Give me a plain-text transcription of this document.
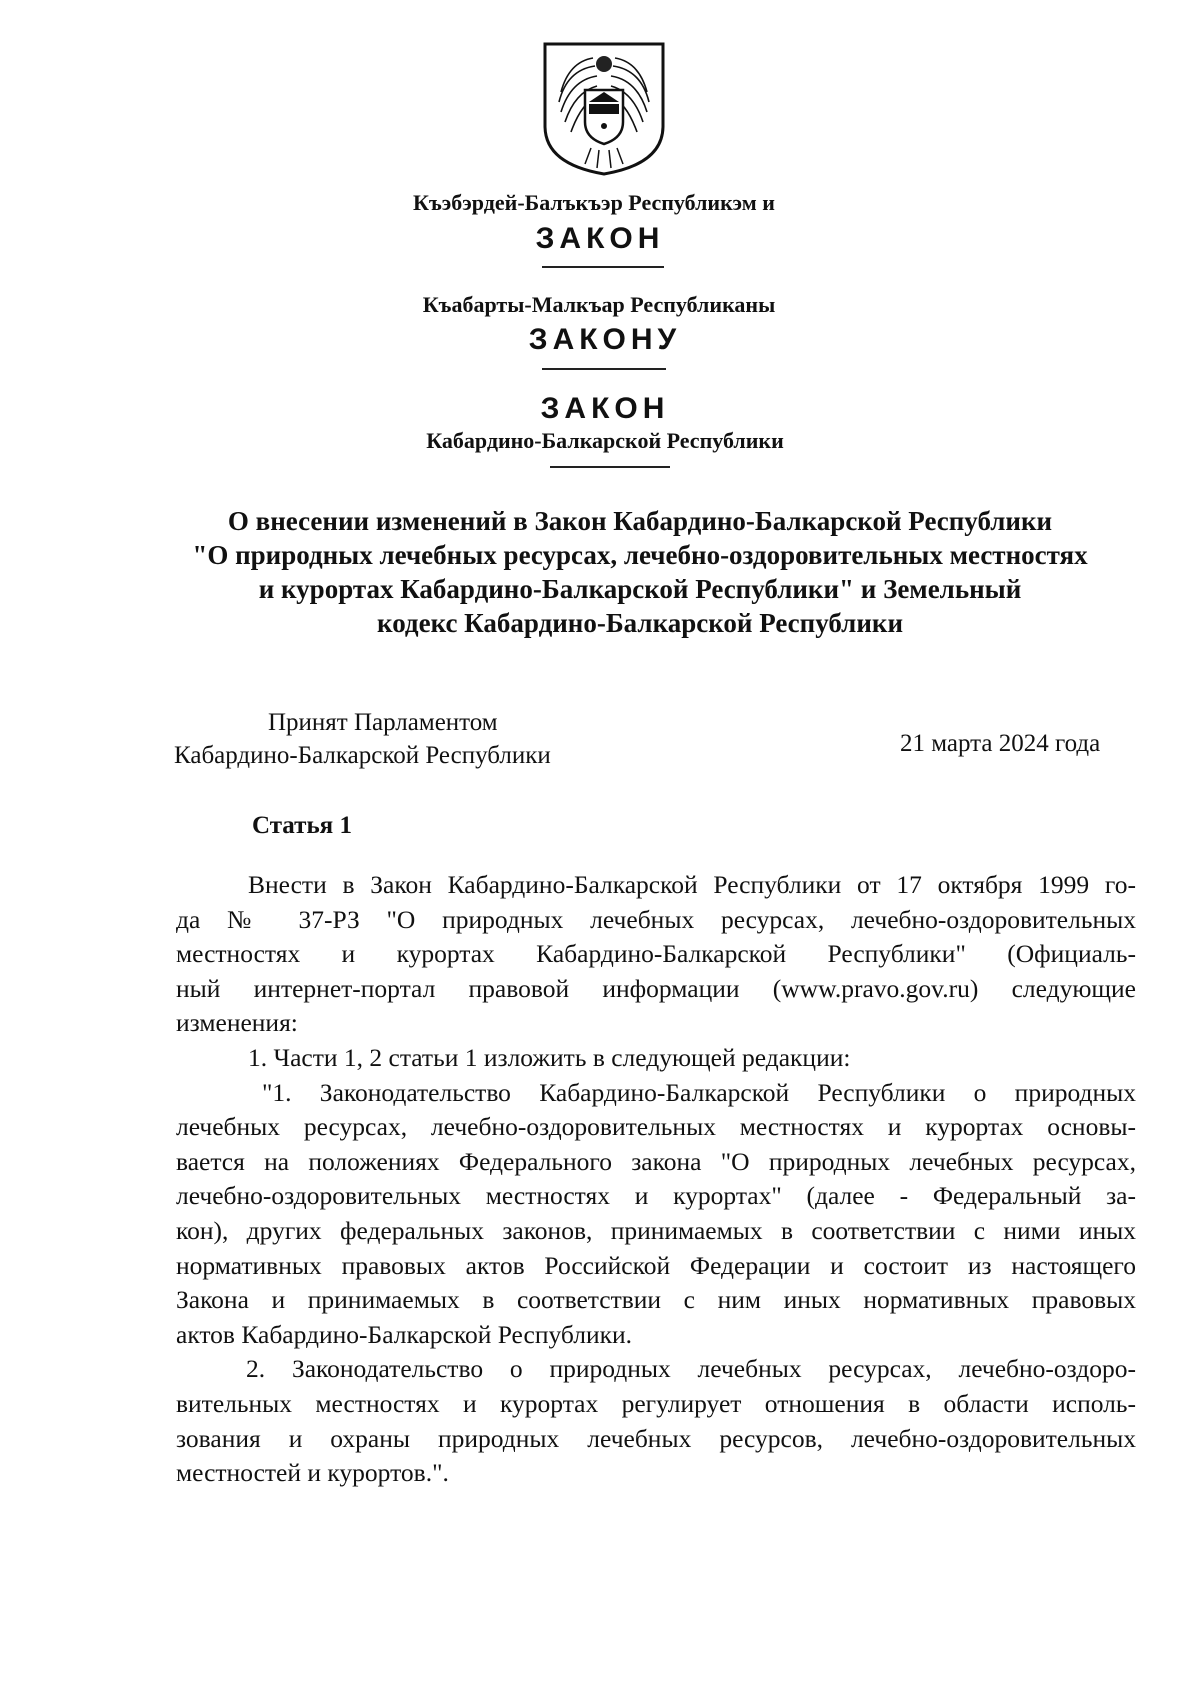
Къэбэрдей-Балъкъэр Республикэм и
ЗАКОН
Къабарты-Малкъар Республиканы
ЗАКОНУ
ЗАКОН
Кабардино-Балкарской Республики
О внесении изменений в Закон Кабардино-Балкарской Республики
"О природных лечебных ресурсах, лечебно-оздоровительных местностях
и курортах Кабардино-Балкарской Республики" и Земельный
кодекс Кабардино-Балкарской Республики
Принят Парламентом
Кабардино-Балкарской Республики	21 марта 2024 года
Статья 1
Внести в Закон Кабардино-Балкарской Республики от 17 октября 1999 го-
да № 37-РЗ "О природных лечебных ресурсах, лечебно-оздоровительных
местностях и курортах Кабардино-Балкарской Республики" (Официаль-
ный интернет-портал правовой информации (www.pravo.gov.ru) следующие
изменения:
1. Части 1, 2 статьи 1 изложить в следующей редакции:
"1. Законодательство Кабардино-Балкарской Республики о природных
лечебных ресурсах, лечебно-оздоровительных местностях и курортах основы-
вается на положениях Федерального закона "О природных лечебных ресурсах,
лечебно-оздоровительных местностях и курортах" (далее - Федеральный за-
кон), других федеральных законов, принимаемых в соответствии с ними иных
нормативных правовых актов Российской Федерации и состоит из настоящего
Закона и принимаемых в соответствии с ним иных нормативных правовых
актов Кабардино-Балкарской Республики.
2. Законодательство о природных лечебных ресурсах, лечебно-оздоро-
вительных местностях и курортах регулирует отношения в области исполь-
зования и охраны природных лечебных ресурсов, лечебно-оздоровительных
местностей и курортов.".
